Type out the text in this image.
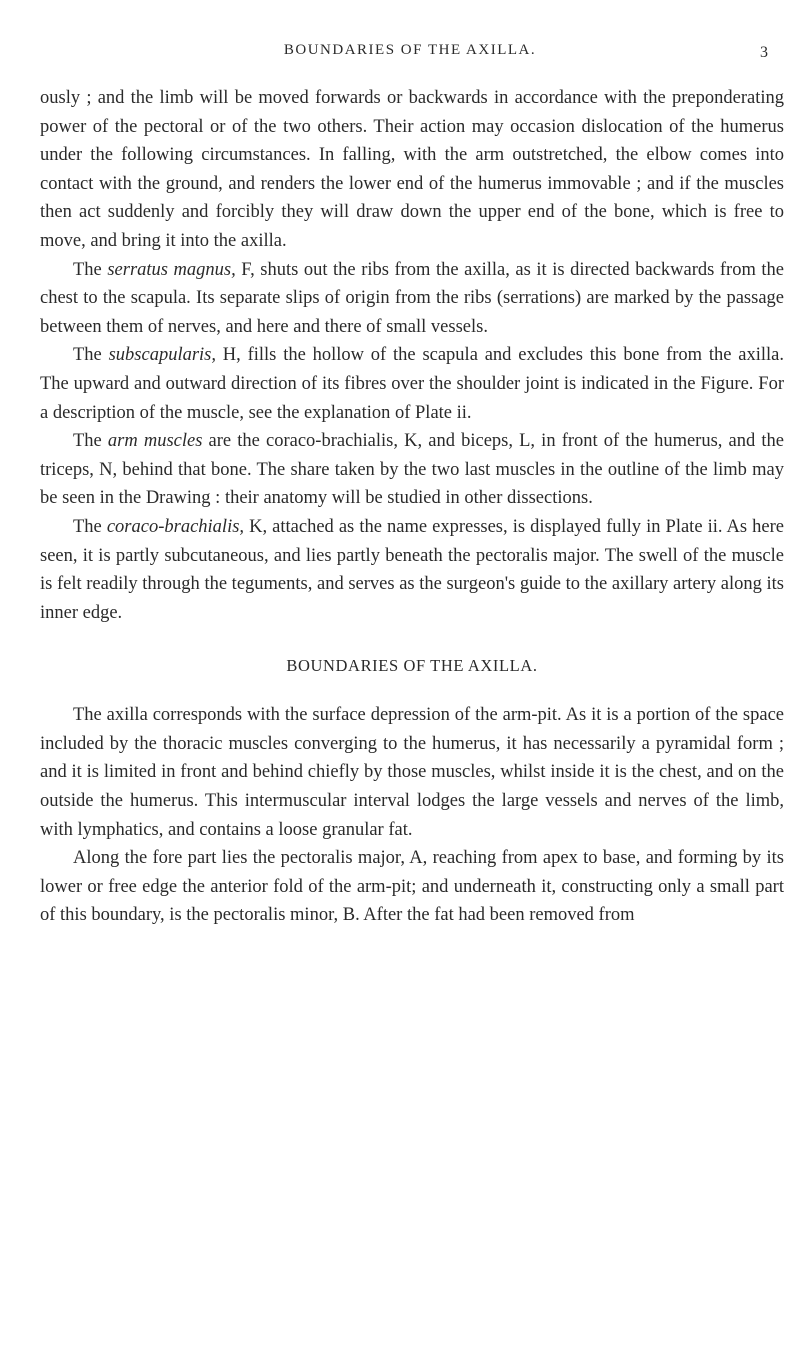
BOUNDARIES OF THE AXILLA.	3

ously ; and the limb will be moved forwards or backwards in accordance with the preponderating power of the pectoral or of the two others. Their action may occasion dislocation of the humerus under the following circumstances. In falling, with the arm outstretched, the elbow comes into contact with the ground, and renders the lower end of the humerus immovable ; and if the muscles then act suddenly and forcibly they will draw down the upper end of the bone, which is free to move, and bring it into the axilla.

The serratus magnus, F, shuts out the ribs from the axilla, as it is directed backwards from the chest to the scapula. Its separate slips of origin from the ribs (serrations) are marked by the passage between them of nerves, and here and there of small vessels.

The subscapularis, H, fills the hollow of the scapula and excludes this bone from the axilla. The upward and outward direction of its fibres over the shoulder joint is indicated in the Figure. For a description of the muscle, see the explanation of Plate ii.

The arm muscles are the coraco-brachialis, K, and biceps, L, in front of the humerus, and the triceps, N, behind that bone. The share taken by the two last muscles in the outline of the limb may be seen in the Drawing : their anatomy will be studied in other dissections.

The coraco-brachialis, K, attached as the name expresses, is displayed fully in Plate ii. As here seen, it is partly subcutaneous, and lies partly beneath the pectoralis major. The swell of the muscle is felt readily through the teguments, and serves as the surgeon's guide to the axillary artery along its inner edge.

BOUNDARIES OF THE AXILLA.

The axilla corresponds with the surface depression of the arm-pit. As it is a portion of the space included by the thoracic muscles converging to the humerus, it has necessarily a pyramidal form ; and it is limited in front and behind chiefly by those muscles, whilst inside it is the chest, and on the outside the humerus. This intermuscular interval lodges the large vessels and nerves of the limb, with lymphatics, and contains a loose granular fat.

Along the fore part lies the pectoralis major, A, reaching from apex to base, and forming by its lower or free edge the anterior fold of the arm-pit; and underneath it, constructing only a small part of this boundary, is the pectoralis minor, B. After the fat had been removed from
